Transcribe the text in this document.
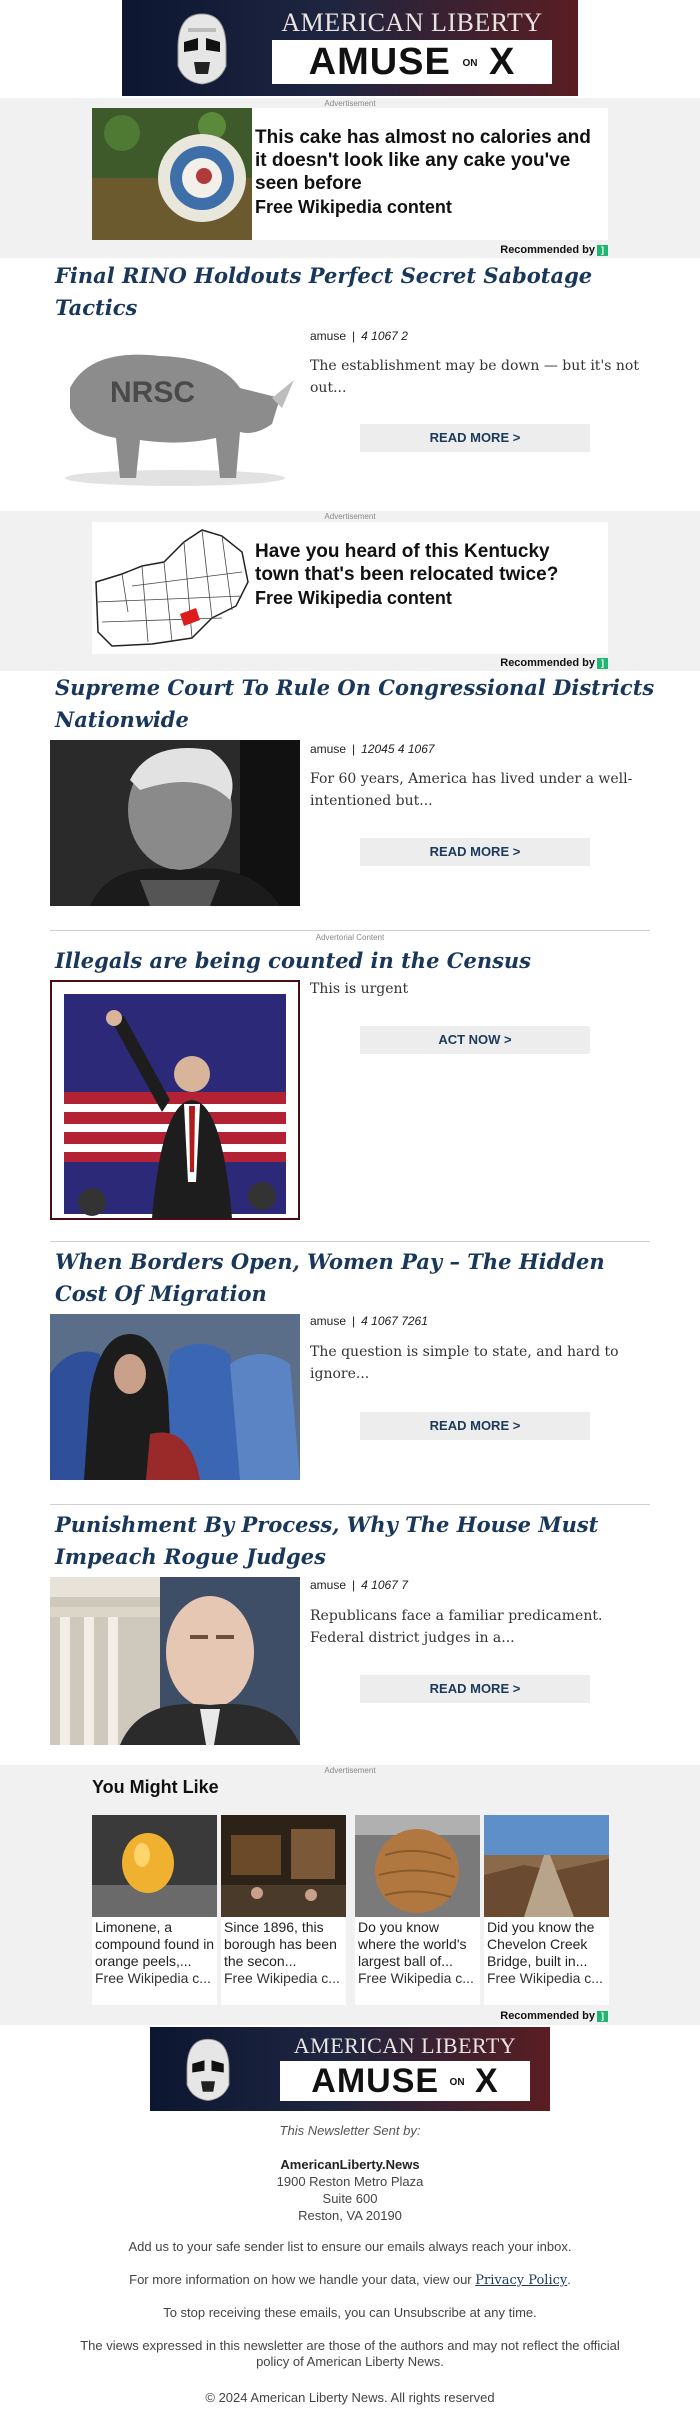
AMERICAN LIBERTY
AMUSE ON X
Advertisement
This cake has almost no calories and it doesn't look like any cake you've seen before
Free Wikipedia content
Recommended by ]
Final RINO Holdouts Perfect Secret Sabotage Tactics
NRSC
amuse | 4 1067 2
The establishment may be down — but it's not out...
READ MORE >
Advertisement
Have you heard of this Kentucky town that's been relocated twice?
Free Wikipedia content
Recommended by ]
Supreme Court To Rule On Congressional Districts Nationwide
amuse | 12045 4 1067
For 60 years, America has lived under a well-intentioned but...
READ MORE >
Advertorial Content
Illegals are being counted in the Census
This is urgent
ACT NOW >
When Borders Open, Women Pay – The Hidden Cost Of Migration
amuse | 4 1067 7261
The question is simple to state, and hard to ignore...
READ MORE >
Punishment By Process, Why The House Must Impeach Rogue Judges
amuse | 4 1067 7
Republicans face a familiar predicament. Federal district judges in a...
READ MORE >
Advertisement
You Might Like
Limonene, a compound found in orange peels,...
Free Wikipedia c...
Since 1896, this borough has been the secon...
Free Wikipedia c...
Do you know where the world's largest ball of...
Free Wikipedia c...
Did you know the Chevelon Creek Bridge, built in...
Free Wikipedia c...
Recommended by ]
AMERICAN LIBERTY
AMUSE ON X
This Newsletter Sent by:
AmericanLiberty.News
1900 Reston Metro Plaza
Suite 600
Reston, VA 20190
Add us to your safe sender list to ensure our emails always reach your inbox.
For more information on how we handle your data, view our Privacy Policy.
To stop receiving these emails, you can Unsubscribe at any time.
The views expressed in this newsletter are those of the authors and may not reflect the official policy of American Liberty News.
© 2024 American Liberty News. All rights reserved
